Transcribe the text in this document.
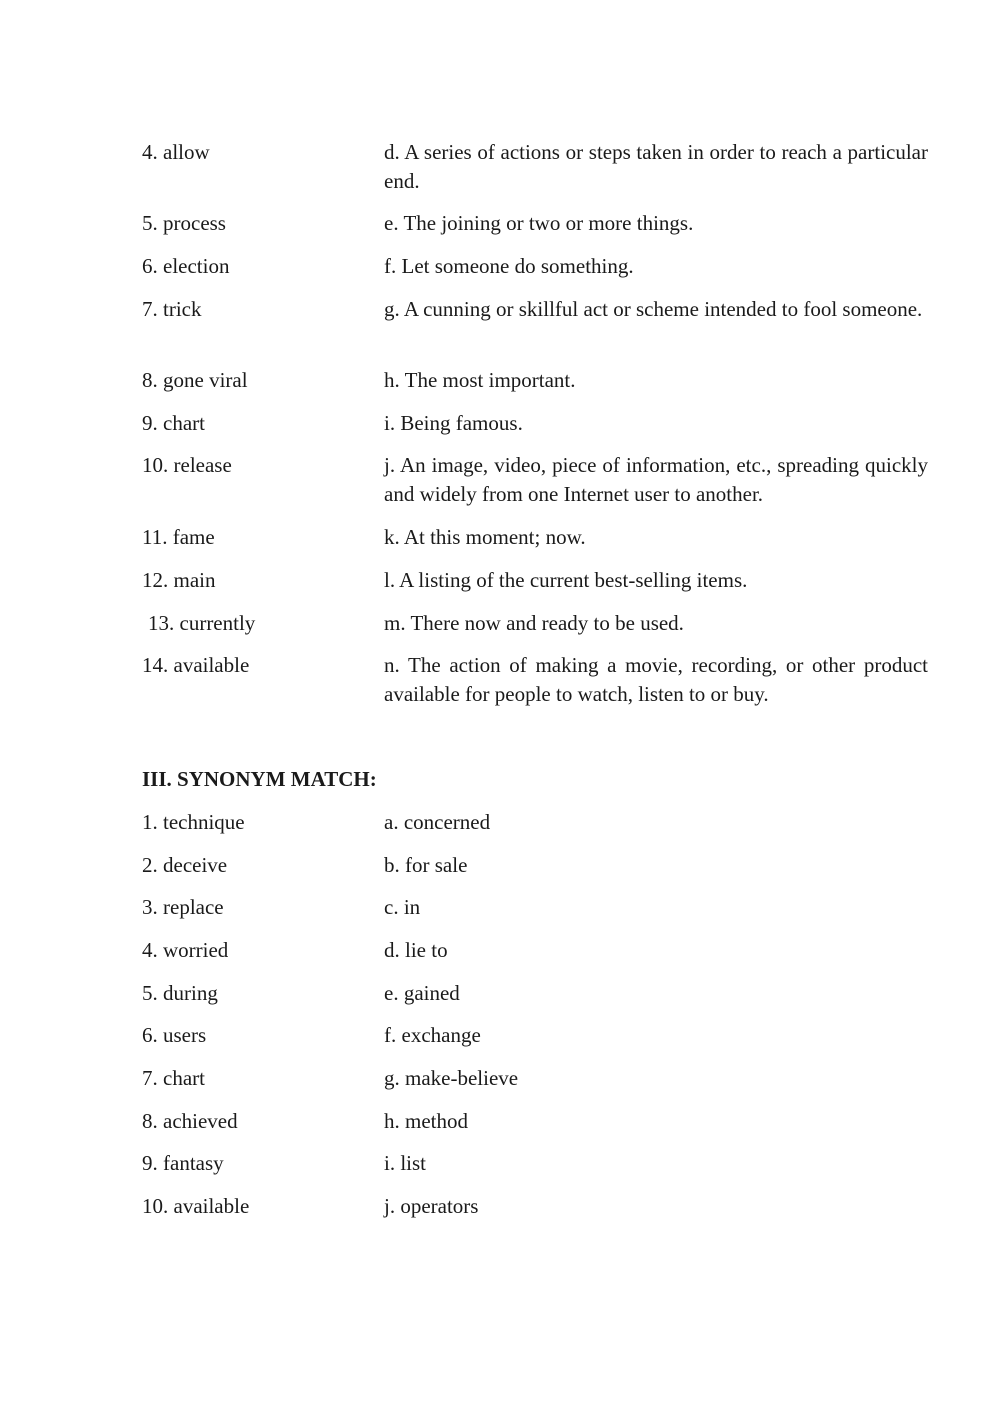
4. allow	d. A series of actions or steps taken in order to reach a particular end.
5. process	e. The joining or two or more things.
6. election	f. Let someone do something.
7. trick	g. A cunning or skillful act or scheme intended to fool someone.
8. gone viral	h. The most important.
9. chart	i. Being famous.
10. release	j. An image, video, piece of information, etc., spreading quickly and widely from one Internet user to another.
11. fame	k. At this moment; now.
12. main	l. A listing of the current best-selling items.
13. currently	m. There now and ready to be used.
14. available	n. The action of making a movie, recording, or other product available for people to watch, listen to or buy.
III. SYNONYM MATCH:
1. technique	a. concerned
2. deceive	b. for sale
3. replace	c. in
4. worried	d. lie to
5. during	e. gained
6. users	f. exchange
7. chart	g. make-believe
8. achieved	h. method
9. fantasy	i. list
10. available	j. operators
